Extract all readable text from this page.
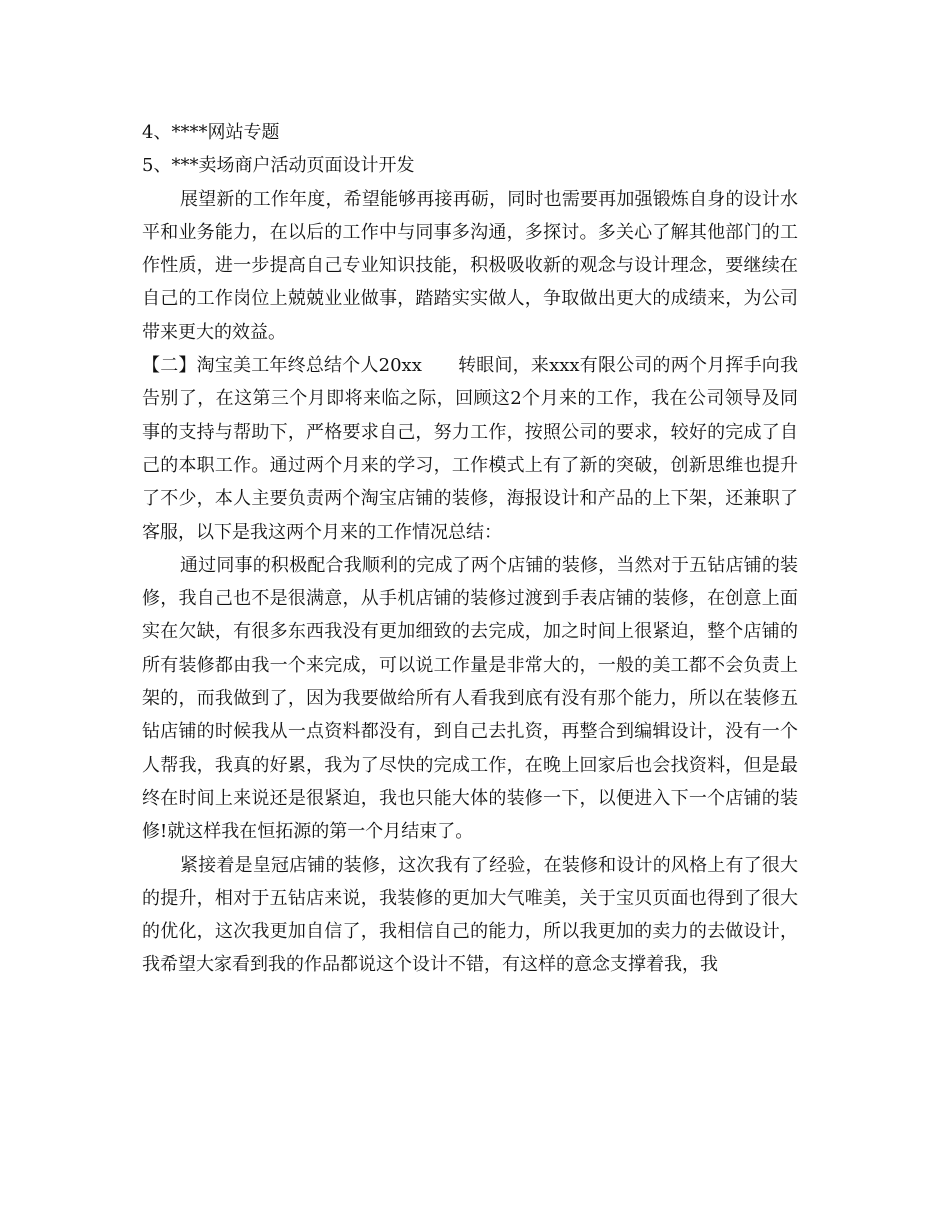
4、****网站专题

5、***卖场商户活动页面设计开发

展望新的工作年度，希望能够再接再砺，同时也需要再加强锻炼自身的设计水平和业务能力，在以后的工作中与同事多沟通，多探讨。多关心了解其他部门的工作性质，进一步提高自己专业知识技能，积极吸收新的观念与设计理念，要继续在自己的工作岗位上兢兢业业做事，踏踏实实做人，争取做出更大的成绩来，为公司带来更大的效益。

【二】淘宝美工年终总结个人20xx 转眼间，来xxx有限公司的两个月挥手向我告别了，在这第三个月即将来临之际，回顾这2个月来的工作，我在公司领导及同事的支持与帮助下，严格要求自己，努力工作，按照公司的要求，较好的完成了自己的本职工作。通过两个月来的学习，工作模式上有了新的突破，创新思维也提升了不少，本人主要负责两个淘宝店铺的装修，海报设计和产品的上下架，还兼职了客服，以下是我这两个月来的工作情况总结：

通过同事的积极配合我顺利的完成了两个店铺的装修，当然对于五钻店铺的装修，我自己也不是很满意，从手机店铺的装修过渡到手表店铺的装修，在创意上面实在欠缺，有很多东西我没有更加细致的去完成，加之时间上很紧迫，整个店铺的所有装修都由我一个来完成，可以说工作量是非常大的，一般的美工都不会负责上架的，而我做到了，因为我要做给所有人看我到底有没有那个能力，所以在装修五钻店铺的时候我从一点资料都没有，到自己去扎资，再整合到编辑设计，没有一个人帮我，我真的好累，我为了尽快的完成工作，在晚上回家后也会找资料，但是最终在时间上来说还是很紧迫，我也只能大体的装修一下，以便进入下一个店铺的装修!就这样我在恒拓源的第一个月结束了。

紧接着是皇冠店铺的装修，这次我有了经验，在装修和设计的风格上有了很大的提升，相对于五钻店来说，我装修的更加大气唯美，关于宝贝页面也得到了很大的优化，这次我更加自信了，我相信自己的能力，所以我更加的卖力的去做设计，我希望大家看到我的作品都说这个设计不错，有这样的意念支撑着我，我
